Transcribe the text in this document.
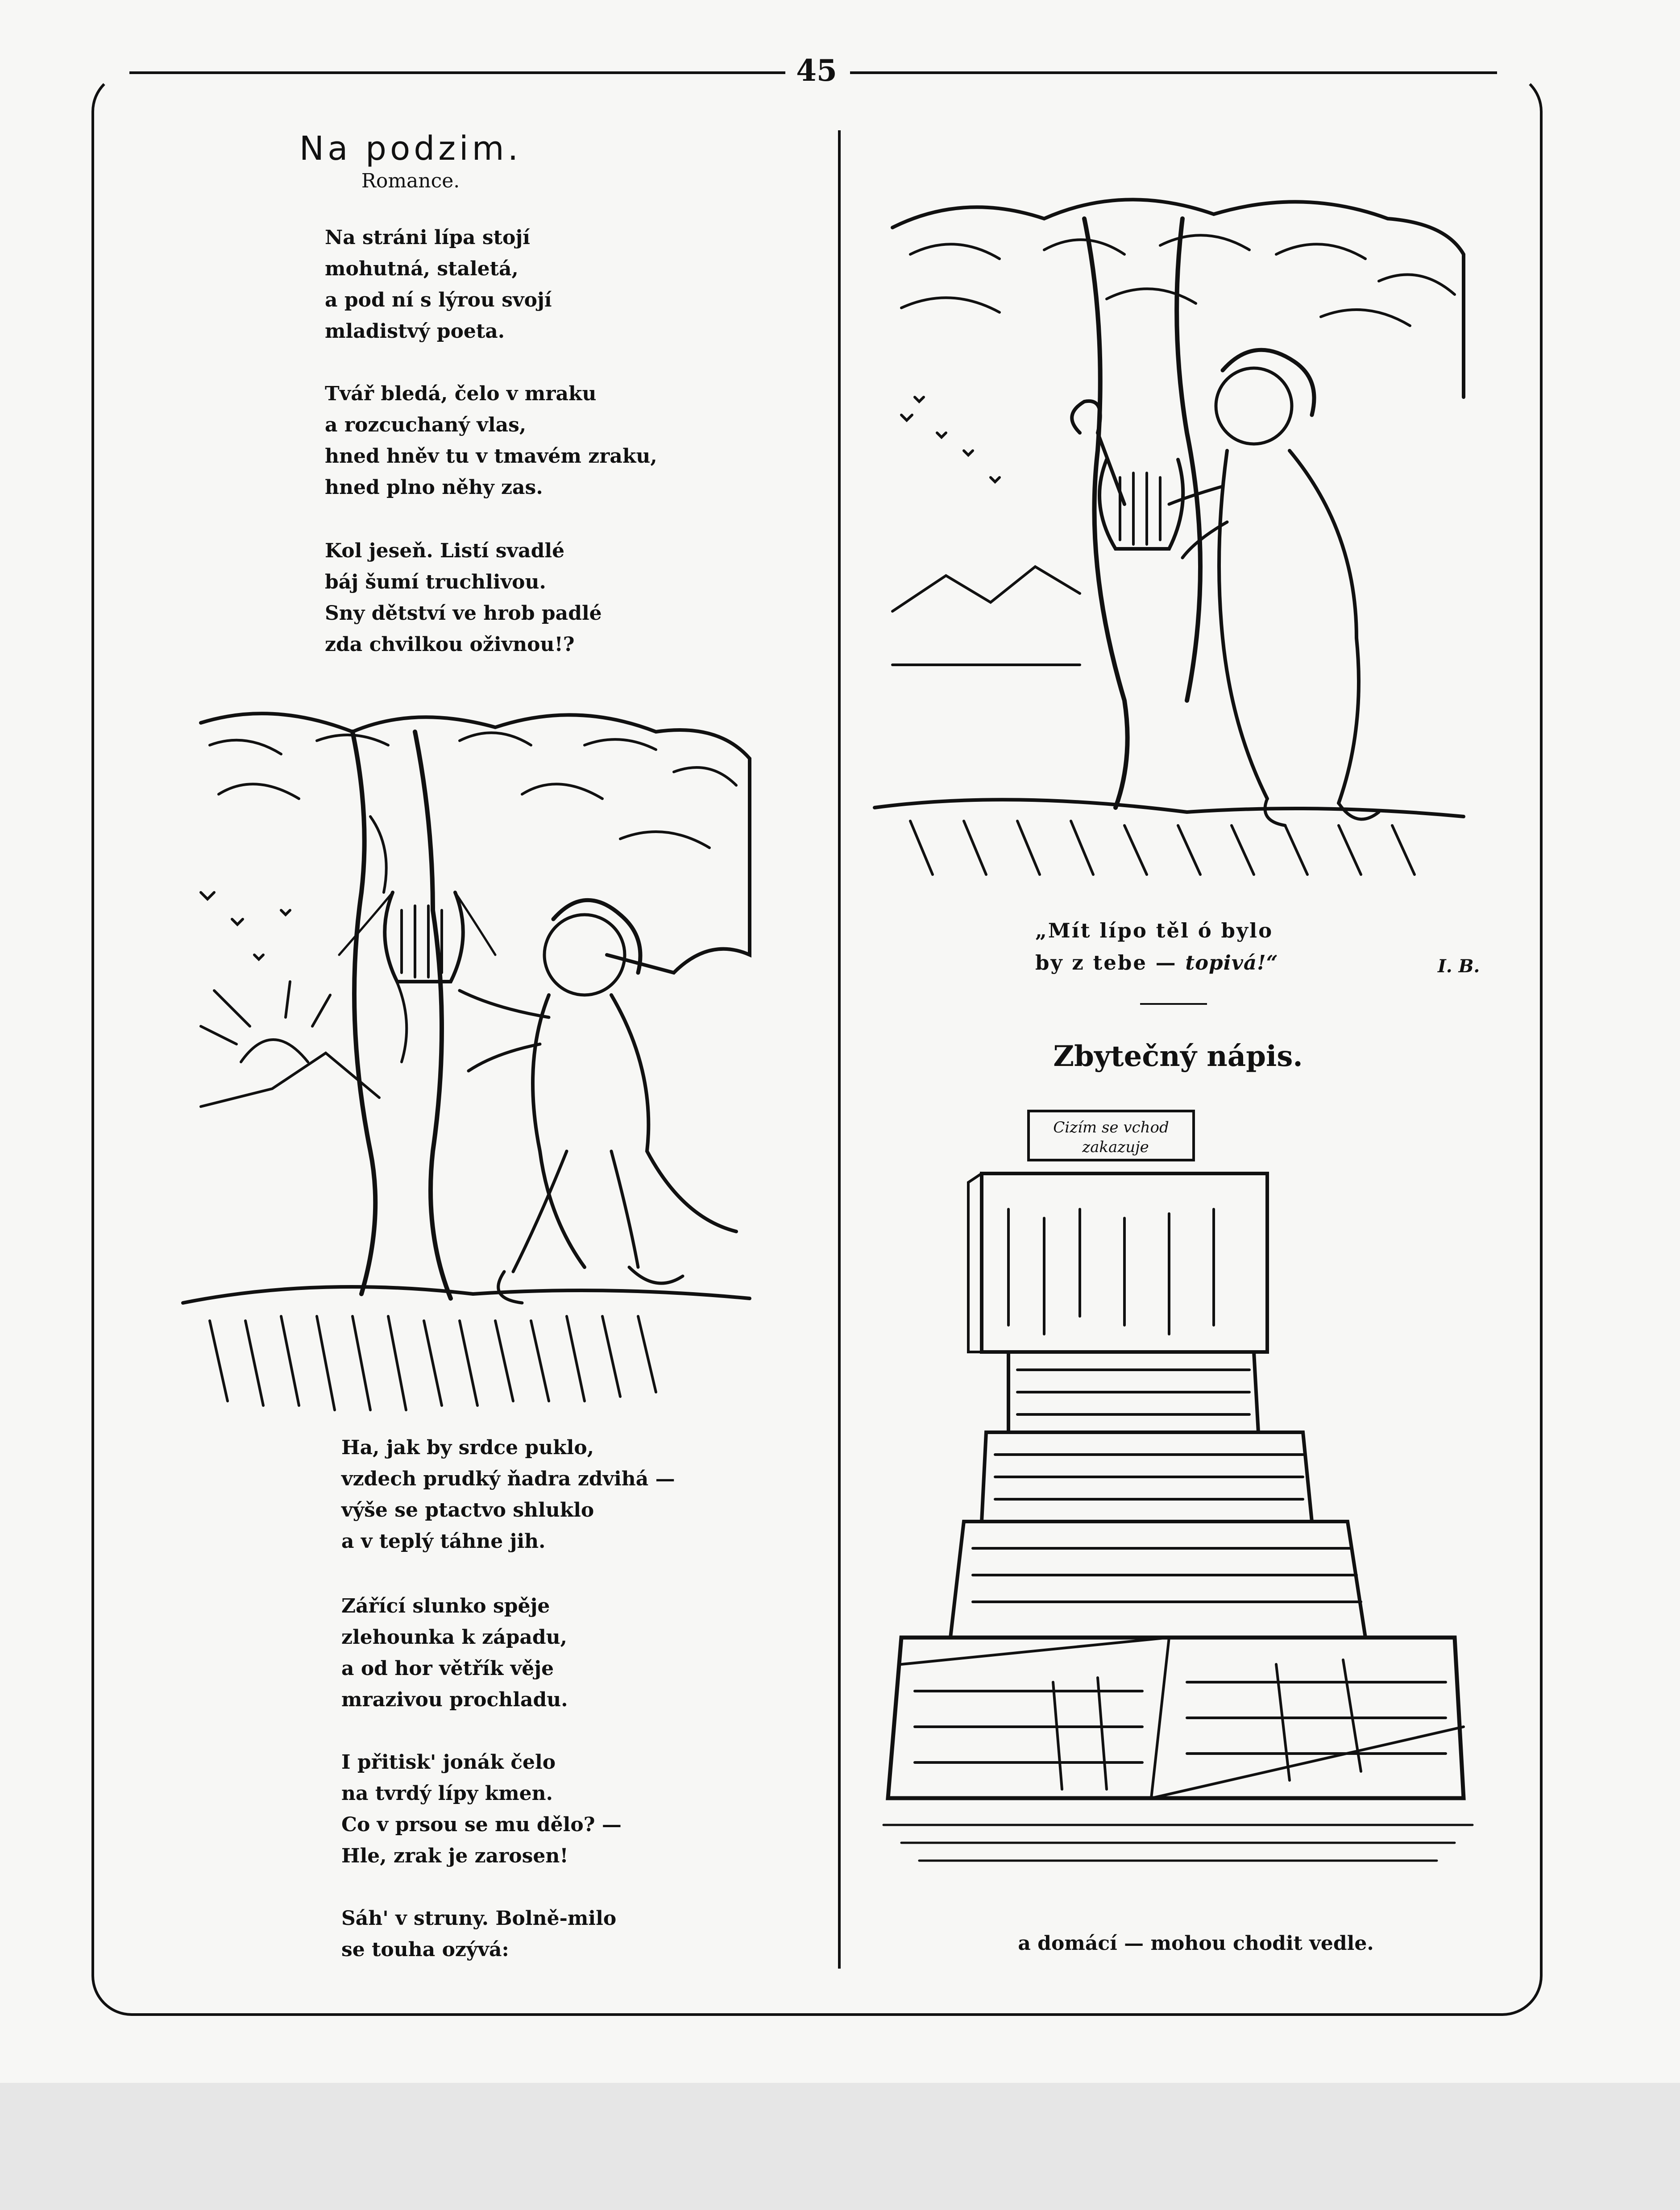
45
Na podzim.
Romance.
Na stráni lípa stojí
mohutná, staletá,
a pod ní s lýrou svojí
mladistvý poeta.
Tvář bledá, čelo v mraku
a rozcuchaný vlas,
hned hněv tu v tmavém zraku,
hned plno něhy zas.
Kol jeseň. Listí svadlé
báj šumí truchlivou.
Sny dětství ve hrob padlé
zda chvilkou oživnou!?
Ha, jak by srdce puklo,
vzdech prudký ňadra zdvihá —
výše se ptactvo shluklo
a v teplý táhne jih.
Zářící slunko spěje
zlehounka k západu,
a od hor větřík věje
mrazivou prochladu.
I přitisk' jonák čelo
na tvrdý lípy kmen.
Co v prsou se mu dělo? —
Hle, zrak je zarosen!
Sáh' v struny. Bolně-milo
se touha ozývá:
„Mít lípo těl ó bylo
by z tebe — topivá!“	I. B.
Zbytečný nápis.
Cizím se vchod
zakazuje
a domácí — mohou chodit vedle.
